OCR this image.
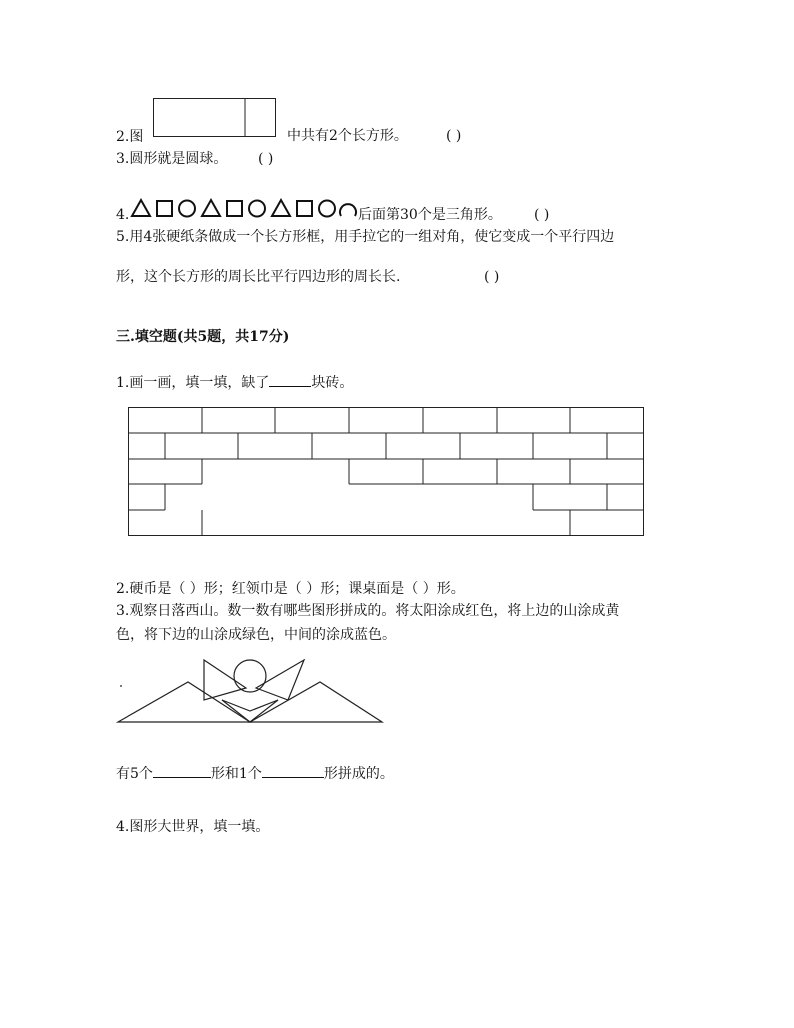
2.图	中共有2个长方形。	( )
3.圆形就是圆球。 ( )
4.	后面第30个是三角形。 ( )
5.用4张硬纸条做成一个长方形框，用手拉它的一组对角，使它变成一个平行四边
形，这个长方形的周长比平行四边形的周长长.	( )
三.填空题(共5题，共17分)
1.画一画，填一填，缺了	块砖。
2.硬币是（ ）形；红领巾是（ ）形；课桌面是（ ）形。
3.观察日落西山。数一数有哪些图形拼成的。将太阳涂成红色，将上边的山涂成黄
色，将下边的山涂成绿色，中间的涂成蓝色。
有5个	形和1个	形拼成的。
4.图形大世界，填一填。
